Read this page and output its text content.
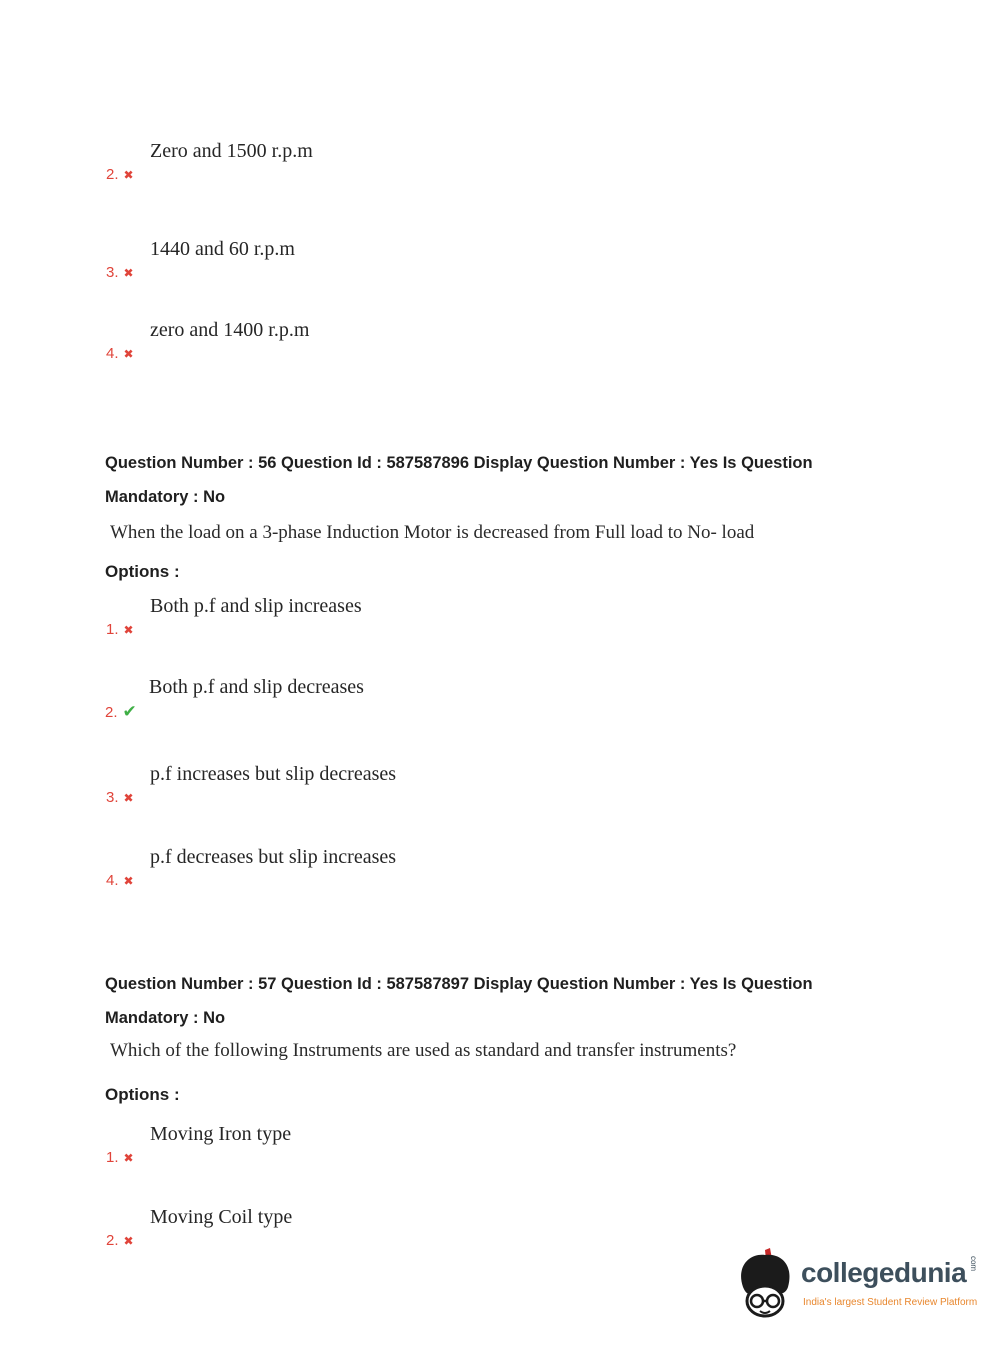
Zero and 1500 r.p.m
2. ✖
1440 and 60 r.p.m
3. ✖
zero and 1400 r.p.m
4. ✖
Question Number : 56 Question Id : 587587896 Display Question Number : Yes Is Question
Mandatory : No
When the load on a 3-phase Induction Motor is decreased from Full load to No- load
Options :
Both p.f and slip increases
1. ✖
Both p.f and slip decreases
2. ✔
p.f increases but slip decreases
3. ✖
p.f decreases but slip increases
4. ✖
Question Number : 57 Question Id : 587587897 Display Question Number : Yes Is Question
Mandatory : No
Which of the following Instruments are used as standard and transfer instruments?
Options :
Moving Iron type
1. ✖
Moving Coil type
2. ✖
collegedunia com
India's largest Student Review Platform
